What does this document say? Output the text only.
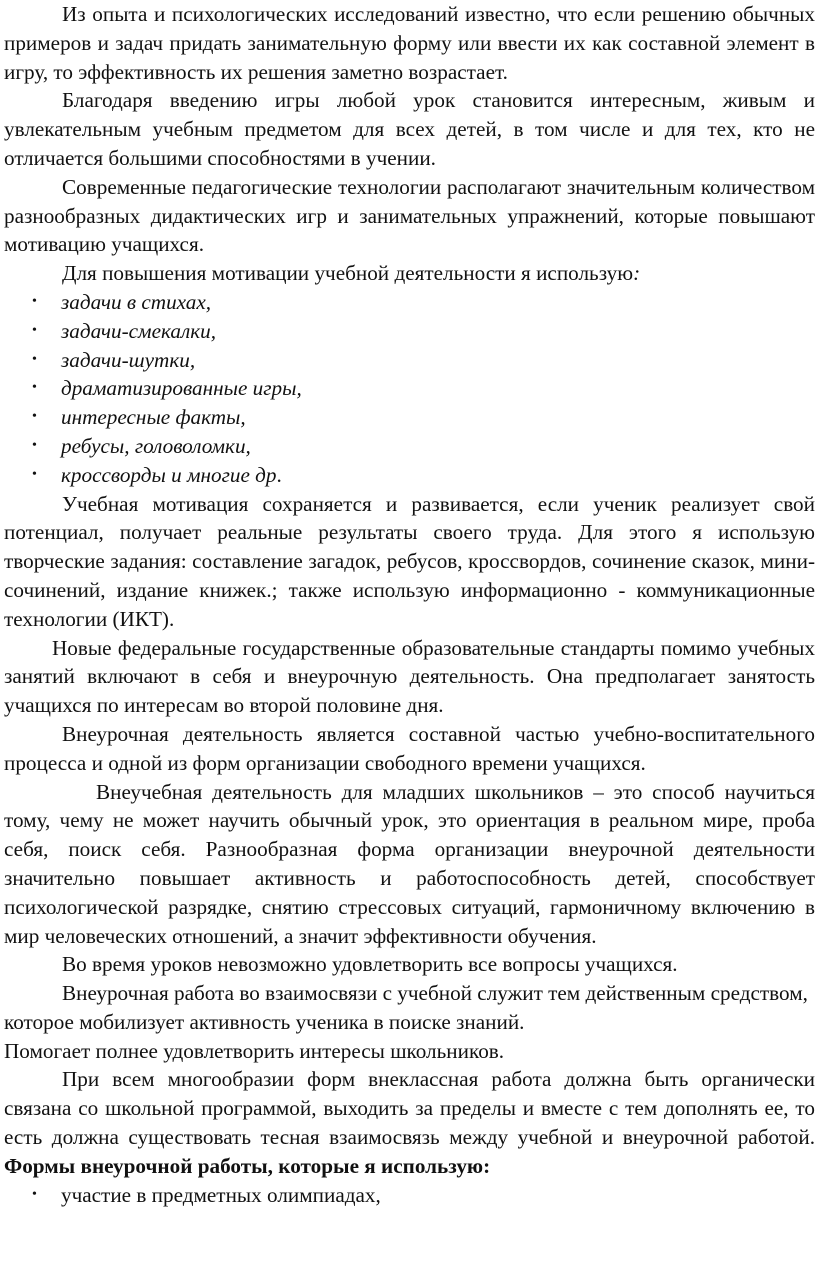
Из опыта и психологических исследований известно, что если решению обычных примеров и задач придать занимательную форму или ввести их как составной элемент в игру, то эффективность их решения заметно возрастает.

Благодаря введению игры любой урок становится интересным, живым и увлекательным учебным предметом для всех детей, в том числе и для тех, кто не отличается большими способностями в учении.

Современные педагогические технологии располагают значительным количеством разнообразных дидактических игр и занимательных упражнений, которые повышают мотивацию учащихся.

Для повышения мотивации учебной деятельности я использую:

• задачи в стихах,
• задачи-смекалки,
• задачи-шутки,
• драматизированные игры,
• интересные факты,
• ребусы, головоломки,
• кроссворды и многие др.

Учебная мотивация сохраняется и развивается, если ученик реализует свой потенциал, получает реальные результаты своего труда. Для этого я использую творческие задания: составление загадок, ребусов, кроссвордов, сочинение сказок, мини-сочинений, издание книжек.; также использую информационно - коммуникационные технологии (ИКТ).

Новые федеральные государственные образовательные стандарты помимо учебных занятий включают в себя и внеурочную деятельность. Она предполагает занятость учащихся по интересам во второй половине дня.

Внеурочная деятельность является составной частью учебно-воспитательного процесса и одной из форм организации свободного времени учащихся.

Внеучебная деятельность для младших школьников – это способ научиться тому, чему не может научить обычный урок, это ориентация в реальном мире, проба себя, поиск себя. Разнообразная форма организации внеурочной деятельности значительно повышает активность и работоспособность детей, способствует психологической разрядке, снятию стрессовых ситуаций, гармоничному включению в мир человеческих отношений, а значит эффективности обучения.

Во время уроков невозможно удовлетворить все вопросы учащихся.

Внеурочная работа во взаимосвязи с учебной служит тем действенным средством, которое мобилизует активность ученика в поиске знаний.

Помогает полнее удовлетворить интересы школьников.

При всем многообразии форм внеклассная работа должна быть органически связана со школьной программой, выходить за пределы и вместе с тем дополнять ее, то есть должна существовать тесная взаимосвязь между учебной и внеурочной работой. Формы внеурочной работы, которые я использую:

• участие в предметных олимпиадах,
